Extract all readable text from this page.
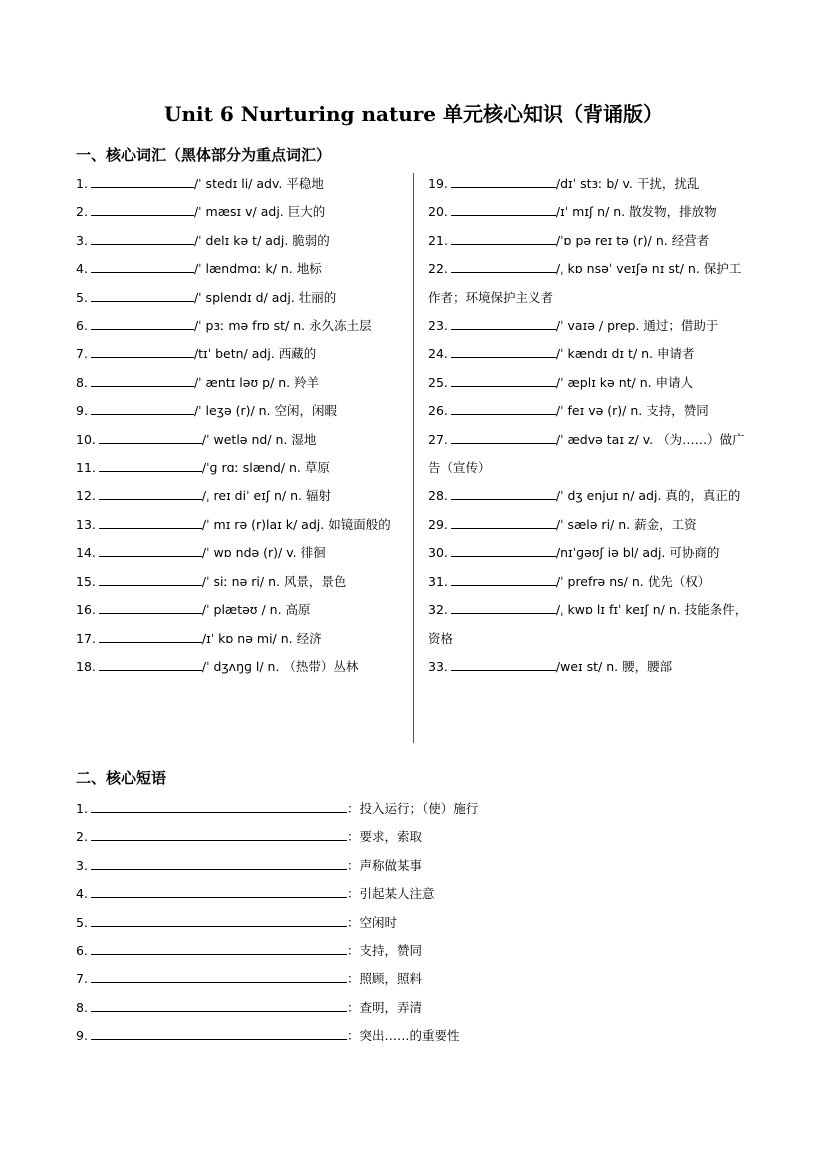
Unit 6 Nurturing nature 单元核心知识（背诵版）
一、核心词汇（黑体部分为重点词汇）
1.	/ˈ stedɪ li/ adv. 平稳地
2.	/ˈ mæsɪ v/ adj. 巨大的
3.	/ˈ delɪ kə t/ adj. 脆弱的
4.	/ˈ lændmɑː k/ n. 地标
5.	/ˈ splendɪ d/ adj. 壮丽的
6.	/ˈ pɜː mə frɒ st/ n. 永久冻土层
7.	/tɪˈ betn/ adj. 西藏的
8.	/ˈ æntɪ ləʊ p/ n. 羚羊
9.	/ˈ leʒə (r)/ n. 空闲，闲暇
10.	/ˈ wetlə nd/ n. 湿地
11.	/ˈɡ rɑː slænd/ n. 草原
12.	/ˌ reɪ diˈ eɪʃ n/ n. 辐射
13.	/ˈ mɪ rə (r)laɪ k/ adj. 如镜面般的
14.	/ˈ wɒ ndə (r)/ v. 徘徊
15.	/ˈ siː nə ri/ n. 风景，景色
16.	/ˈ plætəʊ / n. 高原
17.	/ɪˈ kɒ nə mi/ n. 经济
18.	/ˈ dʒʌŋɡ l/ n. （热带）丛林
19.	/dɪˈ stɜː b/ v. 干扰，扰乱
20.	/ɪˈ mɪʃ n/ n. 散发物，排放物
21.	/ˈɒ pə reɪ tə (r)/ n. 经营者
22.	/ˌ kɒ nsəˈ veɪʃə nɪ st/ n. 保护工作者；环境保护主义者
23.	/ˈ vaɪə / prep. 通过；借助于
24.	/ˈ kændɪ dɪ t/ n. 申请者
25.	/ˈ æplɪ kə nt/ n. 申请人
26.	/ˈ feɪ və (r)/ n. 支持，赞同
27.	/ˈ ædvə taɪ z/ v. （为……）做广告（宣传）
28.	/ˈ dʒ enjuɪ n/ adj. 真的，真正的
29.	/ˈ sælə ri/ n. 薪金，工资
30.	/nɪˈɡəʊʃ iə bl/ adj. 可协商的
31.	/ˈ prefrə ns/ n. 优先（权）
32.	/ˌ kwɒ lɪ fɪˈ keɪʃ n/ n. 技能条件，资格
33.	/weɪ st/ n. 腰，腰部
二、核心短语
1.	：投入运行；（使）施行
2.	：要求，索取
3.	：声称做某事
4.	：引起某人注意
5.	：空闲时
6.	：支持，赞同
7.	：照顾，照料
8.	：查明，弄清
9.	：突出……的重要性
